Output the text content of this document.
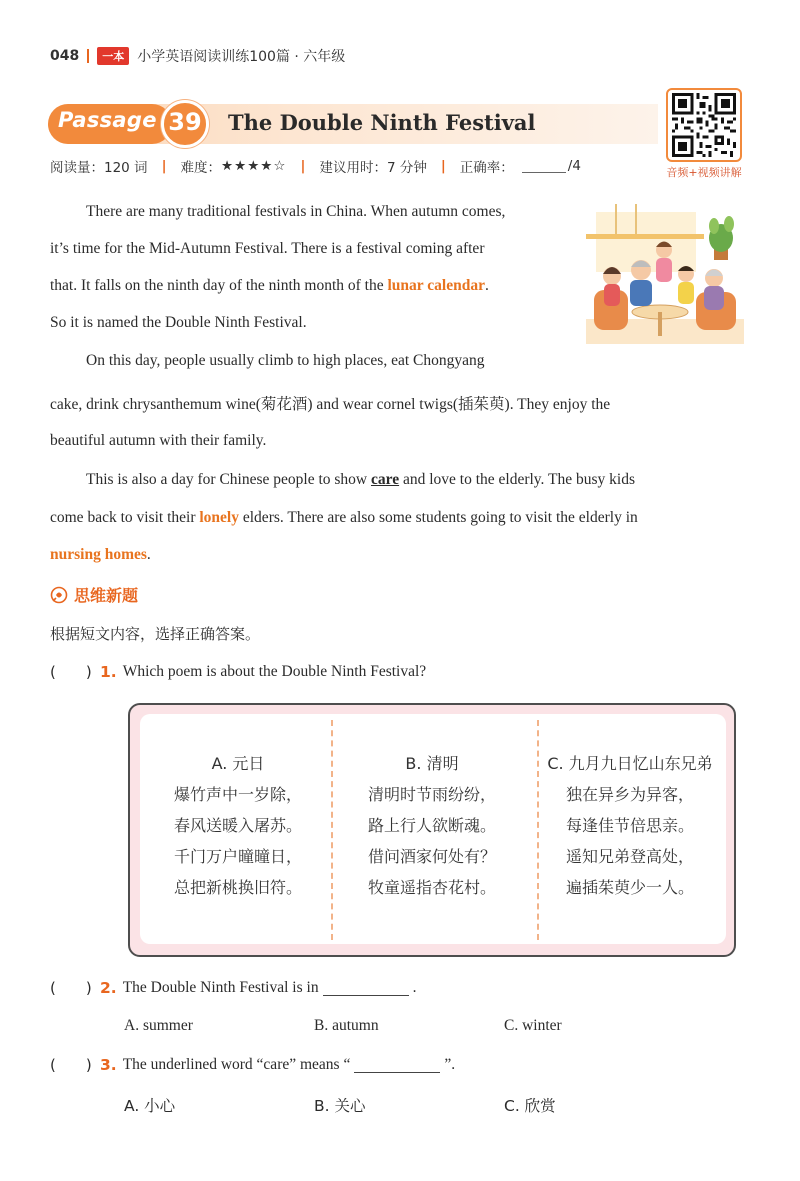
048	一本 小学英语阅读训练100篇 · 六年级
Passage 39	The Double Ninth Festival
音频+视频讲解
阅读量： 120 词 | 难度： ★★★★☆ | 建议用时： 7 分钟 | 正确率：	/4
There are many traditional festivals in China. When autumn comes,
it’s time for the Mid-Autumn Festival. There is a festival coming after
that. It falls on the ninth day of the ninth month of the lunar calendar.
So it is named the Double Ninth Festival.
On this day, people usually climb to high places, eat Chongyang
cake, drink chrysanthemum wine(菊花酒) and wear cornel twigs(插茱萸). They enjoy the
beautiful autumn with their family.
This is also a day for Chinese people to show care and love to the elderly. The busy kids
come back to visit their lonely elders. There are also some students going to visit the elderly in
nursing homes.
思维新题
根据短文内容，选择正确答案。
(　　) 1. Which poem is about the Double Ninth Festival?
A. 元日
爆竹声中一岁除，
春风送暖入屠苏。
千门万户曈曈日，
总把新桃换旧符。
B. 清明
清明时节雨纷纷，
路上行人欲断魂。
借问酒家何处有？
牧童遥指杏花村。
C. 九月九日忆山东兄弟
独在异乡为异客，
每逢佳节倍思亲。
遥知兄弟登高处，
遍插茱萸少一人。
(　　) 2. The Double Ninth Festival is in	.
A. summer	B. autumn	C. winter
(　　) 3. The underlined word “care” means “	”.
A. 小心	B. 关心	C. 欣赏
